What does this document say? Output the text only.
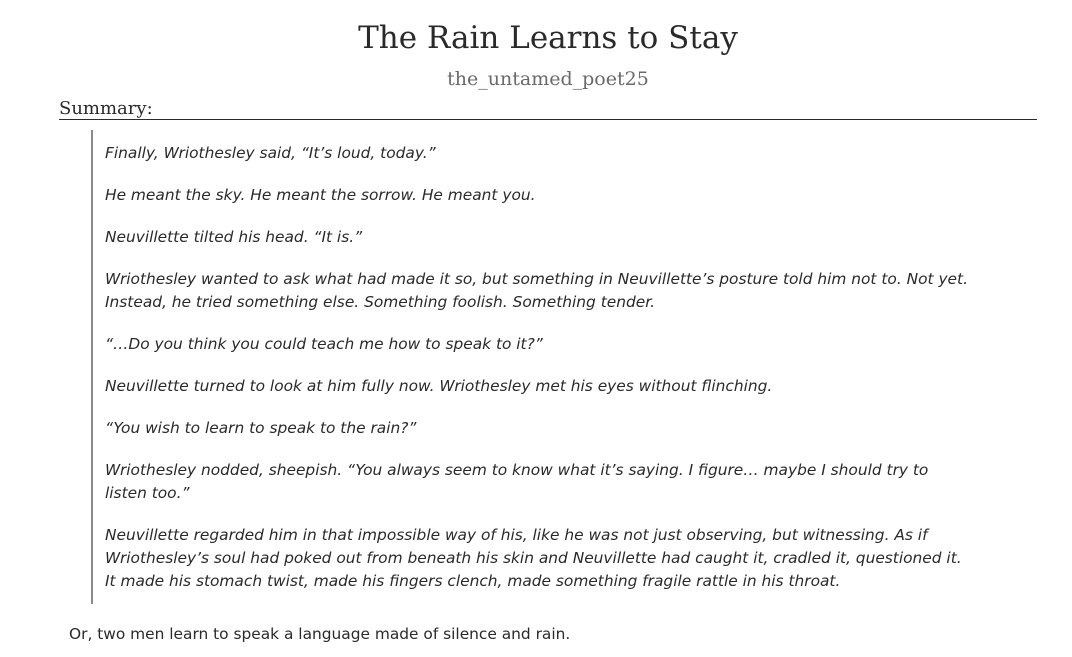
The Rain Learns to Stay
the_untamed_poet25
Summary:

Finally, Wriothesley said, “It’s loud, today.”

He meant the sky. He meant the sorrow. He meant you.

Neuvillette tilted his head. “It is.”

Wriothesley wanted to ask what had made it so, but something in Neuvillette’s posture told him not to. Not yet. Instead, he tried something else. Something foolish. Something tender.

“…Do you think you could teach me how to speak to it?”

Neuvillette turned to look at him fully now. Wriothesley met his eyes without flinching.

“You wish to learn to speak to the rain?”

Wriothesley nodded, sheepish. “You always seem to know what it’s saying. I figure… maybe I should try to listen too.”

Neuvillette regarded him in that impossible way of his, like he was not just observing, but witnessing. As if Wriothesley’s soul had poked out from beneath his skin and Neuvillette had caught it, cradled it, questioned it. It made his stomach twist, made his fingers clench, made something fragile rattle in his throat.

Or, two men learn to speak a language made of silence and rain.
